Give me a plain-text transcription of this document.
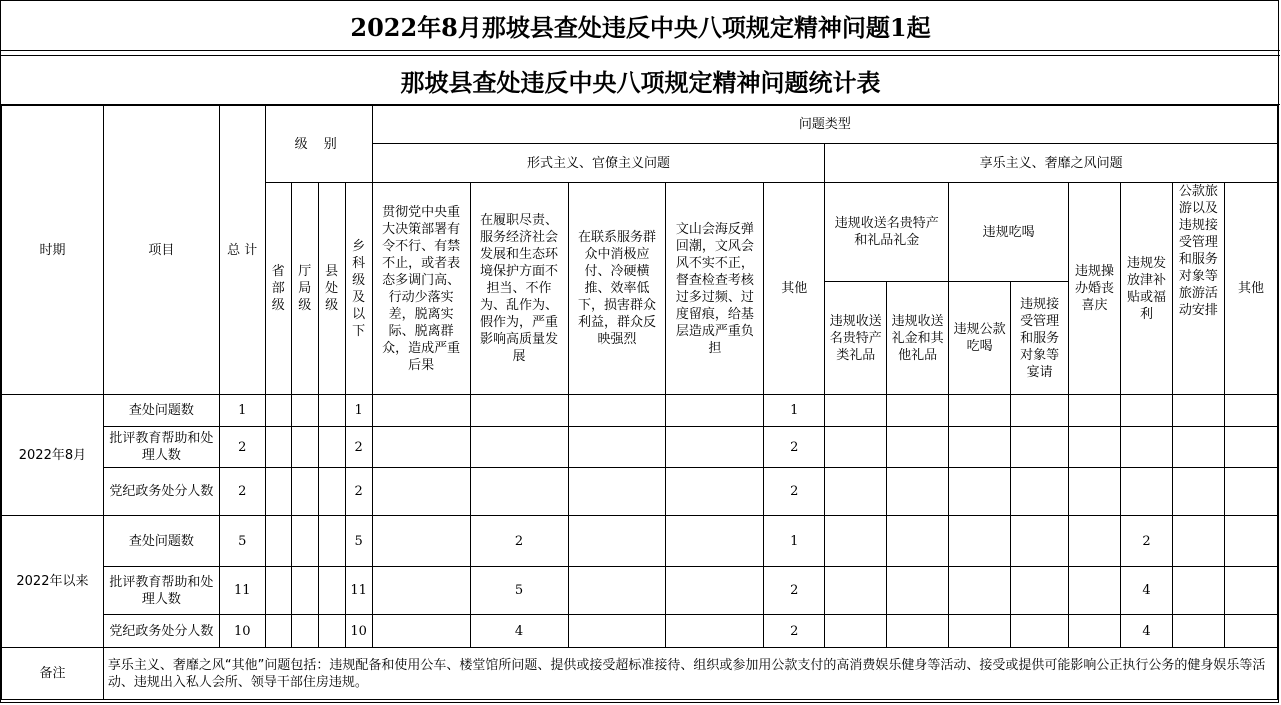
2022年8月那坡县查处违反中央八项规定精神问题1起
那坡县查处违反中央八项规定精神问题统计表
时期	项目	总 计	级 别				问题类型												
							形式主义、官僚主义问题					享乐主义、奢靡之风问题							
			省部级	厅局级	县处级	乡科级及以下	贯彻党中央重大决策部署有令不行、有禁不止，或者表态多调门高、行动少落实差，脱离实际、脱离群众，造成严重后果	在履职尽责、服务经济社会发展和生态环境保护方面不担当、不作为、乱作为、假作为，严重影响高质量发展	在联系服务群众中消极应付、冷硬横推、效率低下，损害群众利益，群众反映强烈	文山会海反弹回潮，文风会风不实不正，督查检查考核过多过频、过度留痕，给基层造成严重负担	其他	违规收送名贵特产和礼品礼金		违规吃喝		违规操办婚丧喜庆	违规发放津补贴或福利	公款旅游以及违规接受管理和服务对象等旅游活动安排	其他
												违规收送名贵特产类礼品	违规收送礼金和其他礼品	违规公款吃喝	违规接受管理和服务对象等宴请				
2022年8月	查处问题数	1				1					1								
	批评教育帮助和处理人数	2				2					2								
	党纪政务处分人数	2				2					2								
2022年以来	查处问题数	5				5		2			1						2		
	批评教育帮助和处理人数	11				11		5			2						4		
	党纪政务处分人数	10				10		4			2						4		
备注	享乐主义、奢靡之风“其他”问题包括：违规配备和使用公车、楼堂馆所问题、提供或接受超标准接待、组织或参加用公款支付的高消费娱乐健身等活动、接受或提供可能影响公正执行公务的健身娱乐等活动、违规出入私人会所、领导干部住房违规。																		
